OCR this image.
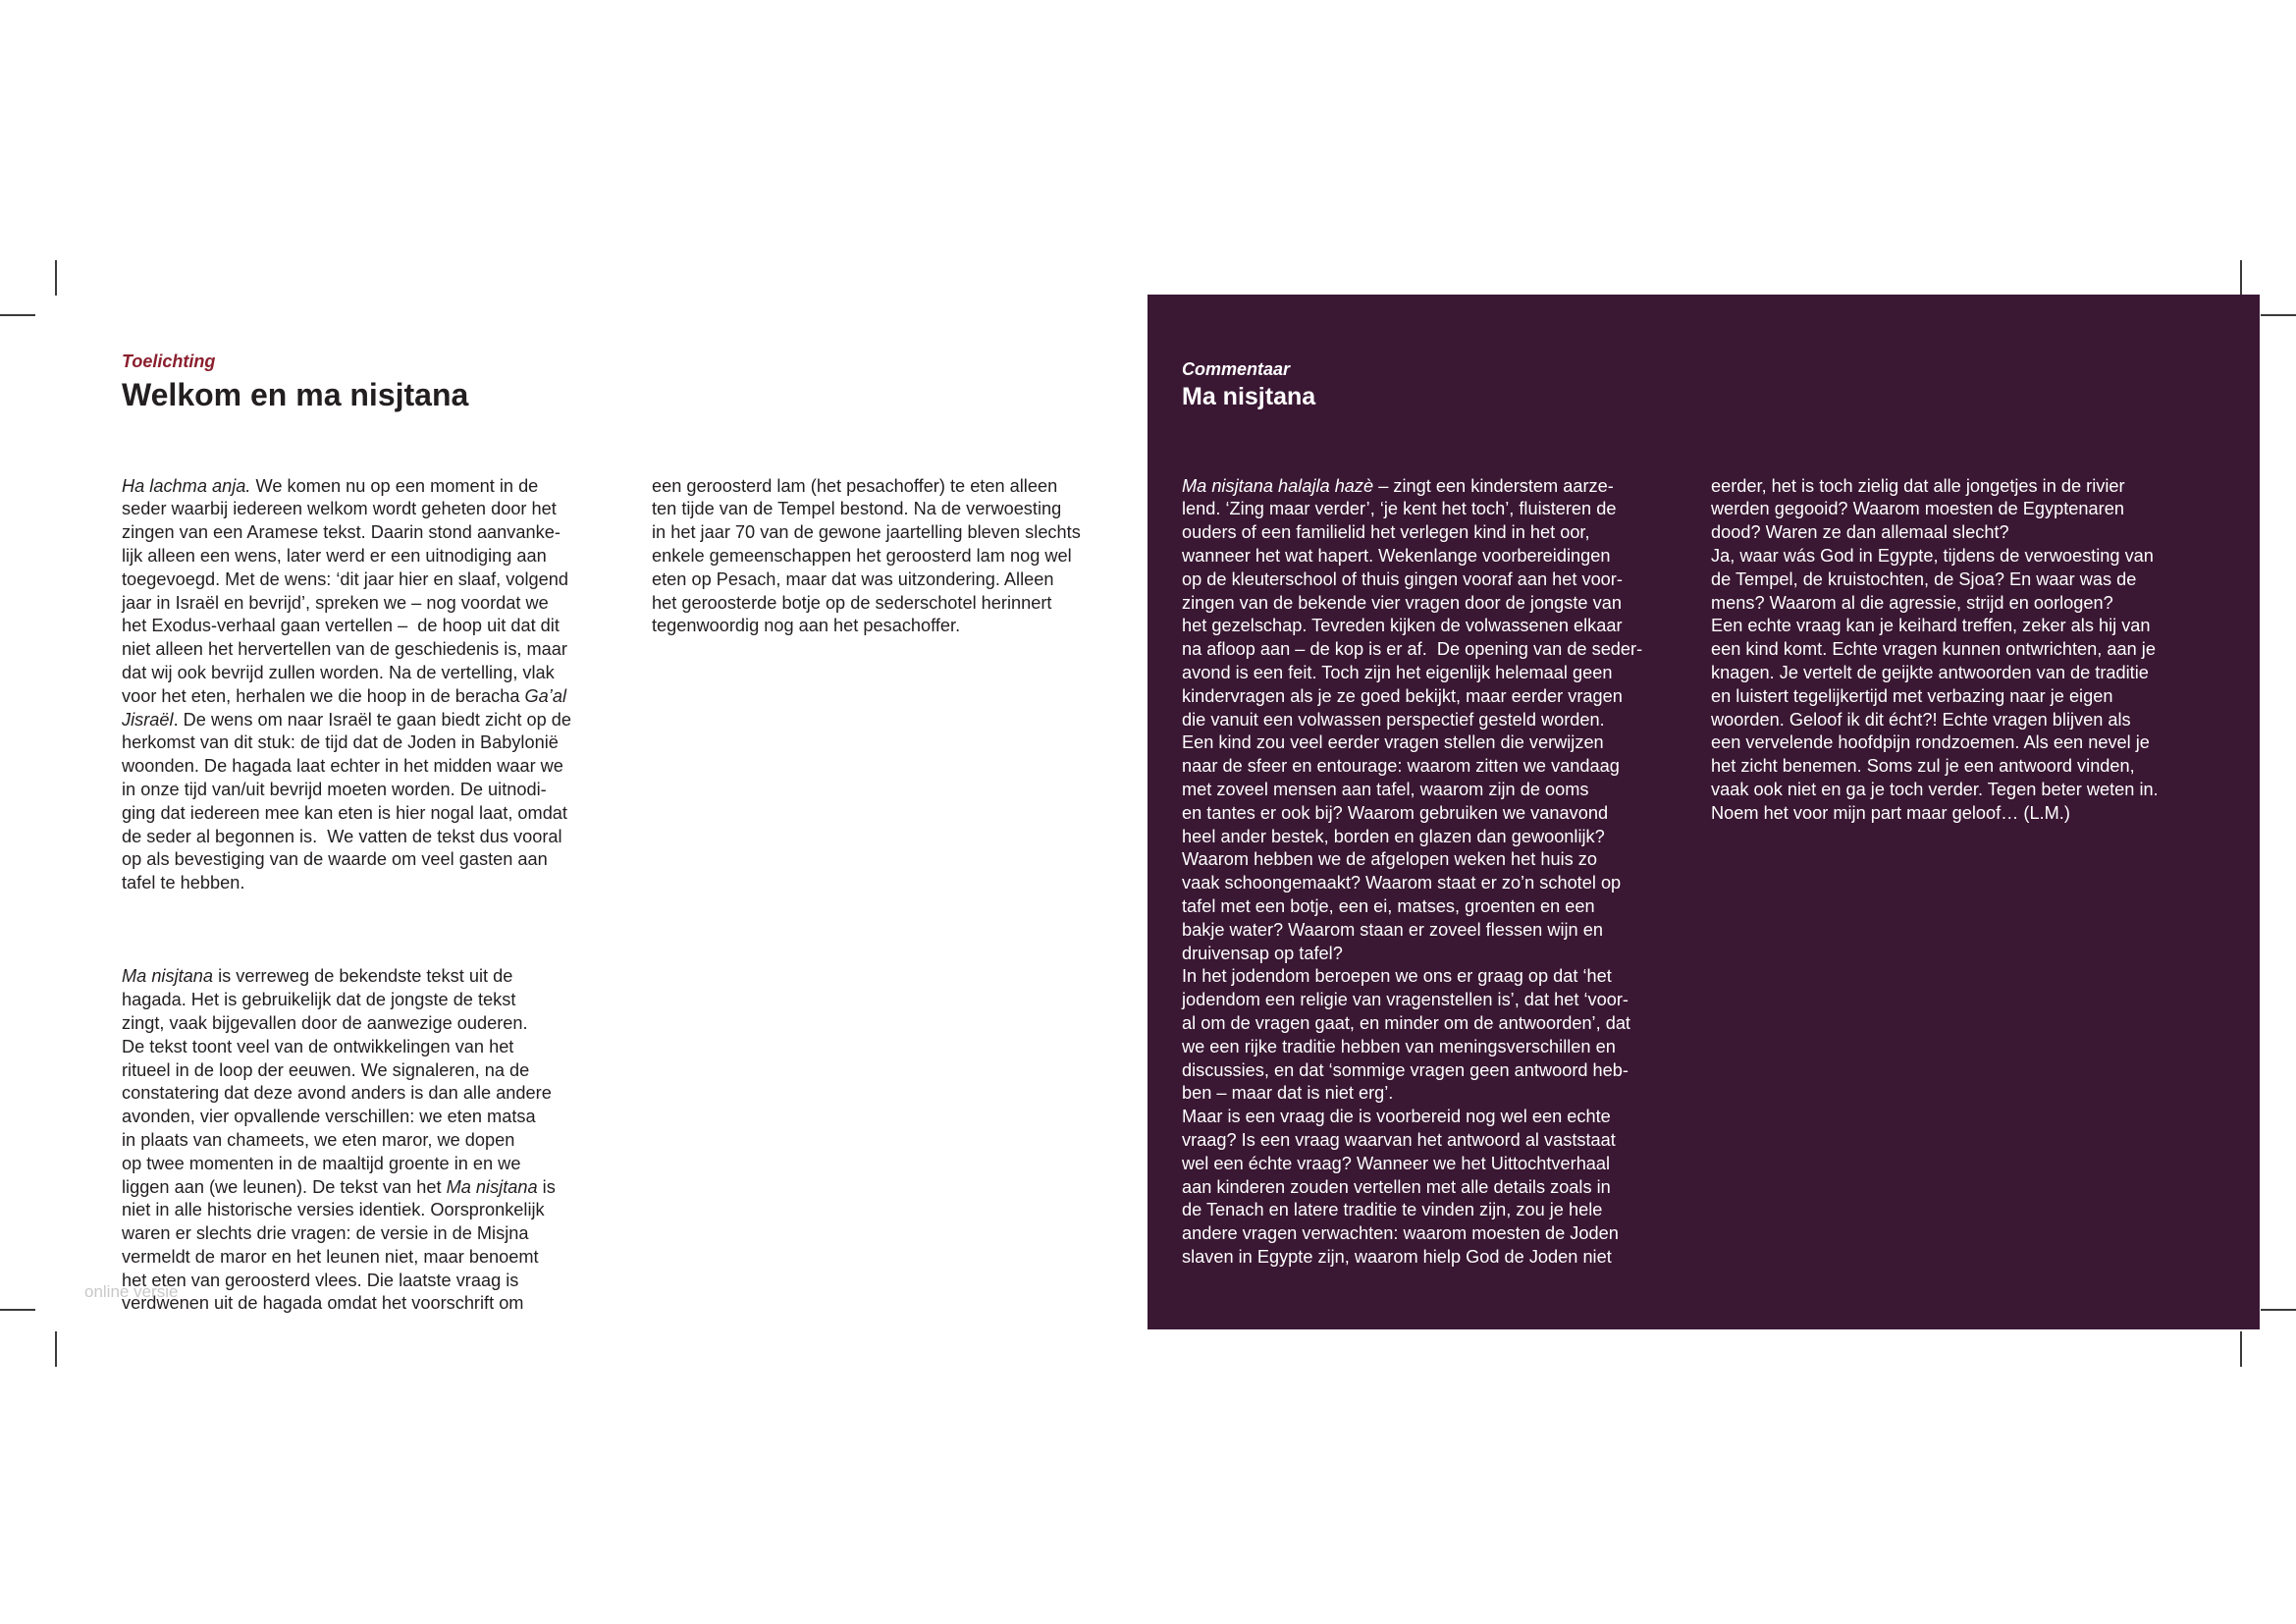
Toelichting
Welkom en ma nisjtana

Ha lachma anja. We komen nu op een moment in de
seder waarbij iedereen welkom wordt geheten door het
zingen van een Aramese tekst. Daarin stond aanvanke-
lijk alleen een wens, later werd er een uitnodiging aan
toegevoegd. Met de wens: ‘dit jaar hier en slaaf, volgend
jaar in Israël en bevrijd’, spreken we – nog voordat we
het Exodus-verhaal gaan vertellen –  de hoop uit dat dit
niet alleen het hervertellen van de geschiedenis is, maar
dat wij ook bevrijd zullen worden. Na de vertelling, vlak
voor het eten, herhalen we die hoop in de beracha Ga’al
Jisraël. De wens om naar Israël te gaan biedt zicht op de
herkomst van dit stuk: de tijd dat de Joden in Babylonië
woonden. De hagada laat echter in het midden waar we
in onze tijd van/uit bevrijd moeten worden. De uitnodi-
ging dat iedereen mee kan eten is hier nogal laat, omdat
de seder al begonnen is.  We vatten de tekst dus vooral
op als bevestiging van de waarde om veel gasten aan
tafel te hebben.

Ma nisjtana is verreweg de bekendste tekst uit de
hagada. Het is gebruikelijk dat de jongste de tekst
zingt, vaak bijgevallen door de aanwezige ouderen.
De tekst toont veel van de ontwikkelingen van het
ritueel in de loop der eeuwen. We signaleren, na de
constatering dat deze avond anders is dan alle andere
avonden, vier opvallende verschillen: we eten matsa
in plaats van chameets, we eten maror, we dopen
op twee momenten in de maaltijd groente in en we
liggen aan (we leunen). De tekst van het Ma nisjtana is
niet in alle historische versies identiek. Oorspronkelijk
waren er slechts drie vragen: de versie in de Misjna
vermeldt de maror en het leunen niet, maar benoemt
het eten van geroosterd vlees. Die laatste vraag is
verdwenen uit de hagada omdat het voorschrift om

een geroosterd lam (het pesachoffer) te eten alleen
ten tijde van de Tempel bestond. Na de verwoesting
in het jaar 70 van de gewone jaartelling bleven slechts
enkele gemeenschappen het geroosterd lam nog wel
eten op Pesach, maar dat was uitzondering. Alleen
het geroosterde botje op de sederschotel herinnert
tegenwoordig nog aan het pesachoffer.

Commentaar
Ma nisjtana

Ma nisjtana halajla hazè – zingt een kinderstem aarze-
lend. ‘Zing maar verder’, ‘je kent het toch’, fluisteren de
ouders of een familielid het verlegen kind in het oor,
wanneer het wat hapert. Wekenlange voorbereidingen
op de kleuterschool of thuis gingen vooraf aan het voor-
zingen van de bekende vier vragen door de jongste van
het gezelschap. Tevreden kijken de volwassenen elkaar
na afloop aan – de kop is er af.  De opening van de seder-
avond is een feit. Toch zijn het eigenlijk helemaal geen
kindervragen als je ze goed bekijkt, maar eerder vragen
die vanuit een volwassen perspectief gesteld worden.
Een kind zou veel eerder vragen stellen die verwijzen
naar de sfeer en entourage: waarom zitten we vandaag
met zoveel mensen aan tafel, waarom zijn de ooms
en tantes er ook bij? Waarom gebruiken we vanavond
heel ander bestek, borden en glazen dan gewoonlijk?
Waarom hebben we de afgelopen weken het huis zo
vaak schoongemaakt? Waarom staat er zo’n schotel op
tafel met een botje, een ei, matses, groenten en een
bakje water? Waarom staan er zoveel flessen wijn en
druivensap op tafel?
In het jodendom beroepen we ons er graag op dat ‘het
jodendom een religie van vragenstellen is’, dat het ‘voor-
al om de vragen gaat, en minder om de antwoorden’, dat
we een rijke traditie hebben van meningsverschillen en
discussies, en dat ‘sommige vragen geen antwoord heb-
ben – maar dat is niet erg’.
Maar is een vraag die is voorbereid nog wel een echte
vraag? Is een vraag waarvan het antwoord al vaststaat
wel een échte vraag? Wanneer we het Uittochtverhaal
aan kinderen zouden vertellen met alle details zoals in
de Tenach en latere traditie te vinden zijn, zou je hele
andere vragen verwachten: waarom moesten de Joden
slaven in Egypte zijn, waarom hielp God de Joden niet

eerder, het is toch zielig dat alle jongetjes in de rivier
werden gegooid? Waarom moesten de Egyptenaren
dood? Waren ze dan allemaal slecht?
Ja, waar wás God in Egypte, tijdens de verwoesting van
de Tempel, de kruistochten, de Sjoa? En waar was de
mens? Waarom al die agressie, strijd en oorlogen?
Een echte vraag kan je keihard treffen, zeker als hij van
een kind komt. Echte vragen kunnen ontwrichten, aan je
knagen. Je vertelt de geijkte antwoorden van de traditie
en luistert tegelijkertijd met verbazing naar je eigen
woorden. Geloof ik dit écht?! Echte vragen blijven als
een vervelende hoofdpijn rondzoemen. Als een nevel je
het zicht benemen. Soms zul je een antwoord vinden,
vaak ook niet en ga je toch verder. Tegen beter weten in.
Noem het voor mijn part maar geloof… (L.M.)

online versie
